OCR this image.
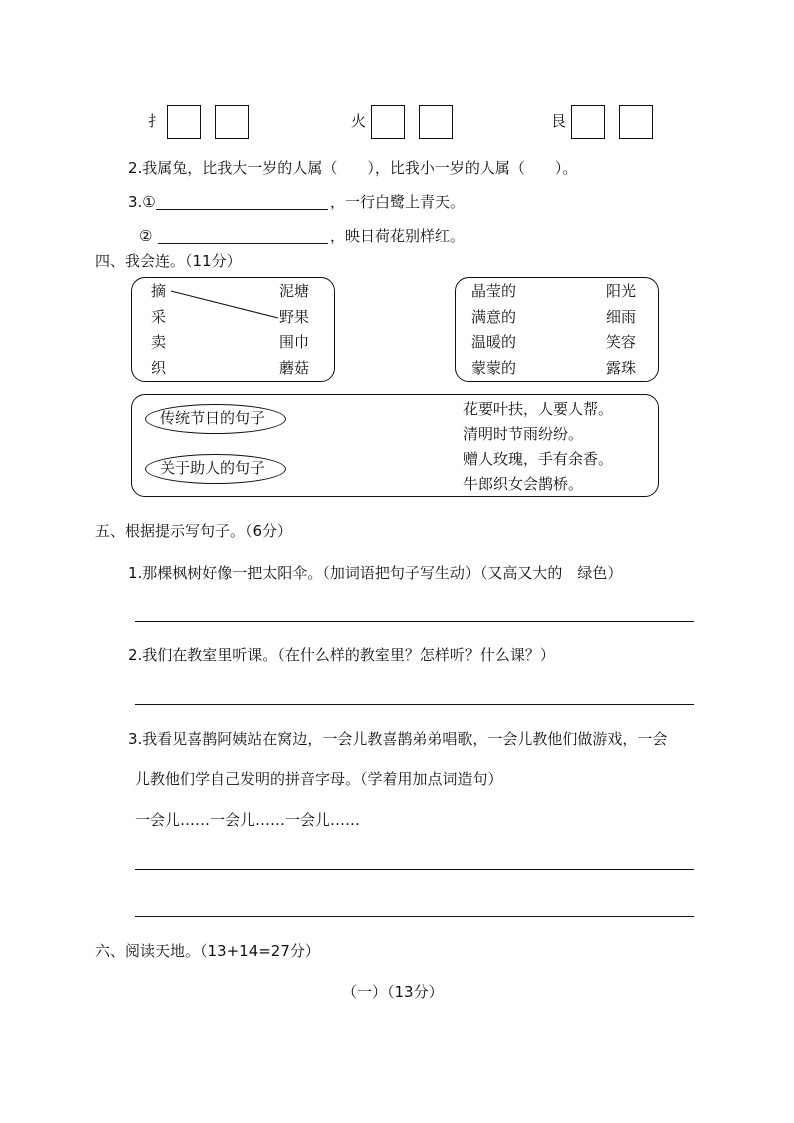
扌	火	艮
2.我属兔，比我大一岁的人属（　　），比我小一岁的人属（　　）。
3.①	，一行白鹭上青天。
②	，映日荷花别样红。
四、我会连。（11分）
摘
采
卖
织
泥塘
野果
围巾
蘑菇
晶莹的
满意的
温暖的
蒙蒙的
阳光
细雨
笑容
露珠
传统节日的句子
关于助人的句子
花要叶扶，人要人帮。
清明时节雨纷纷。
赠人玫瑰，手有余香。
牛郎织女会鹊桥。
五、根据提示写句子。（6分）
1.那棵枫树好像一把太阳伞。（加词语把句子写生动）（又高又大的　绿色）
2.我们在教室里听课。（在什么样的教室里？怎样听？什么课？）
3.我看见喜鹊阿姨站在窝边，一会儿教喜鹊弟弟唱歌，一会儿教他们做游戏，一会
儿教他们学自己发明的拼音字母。（学着用加点词造句）
一会儿……一会儿……一会儿……
六、阅读天地。（13+14=27分）
（一）（13分）
